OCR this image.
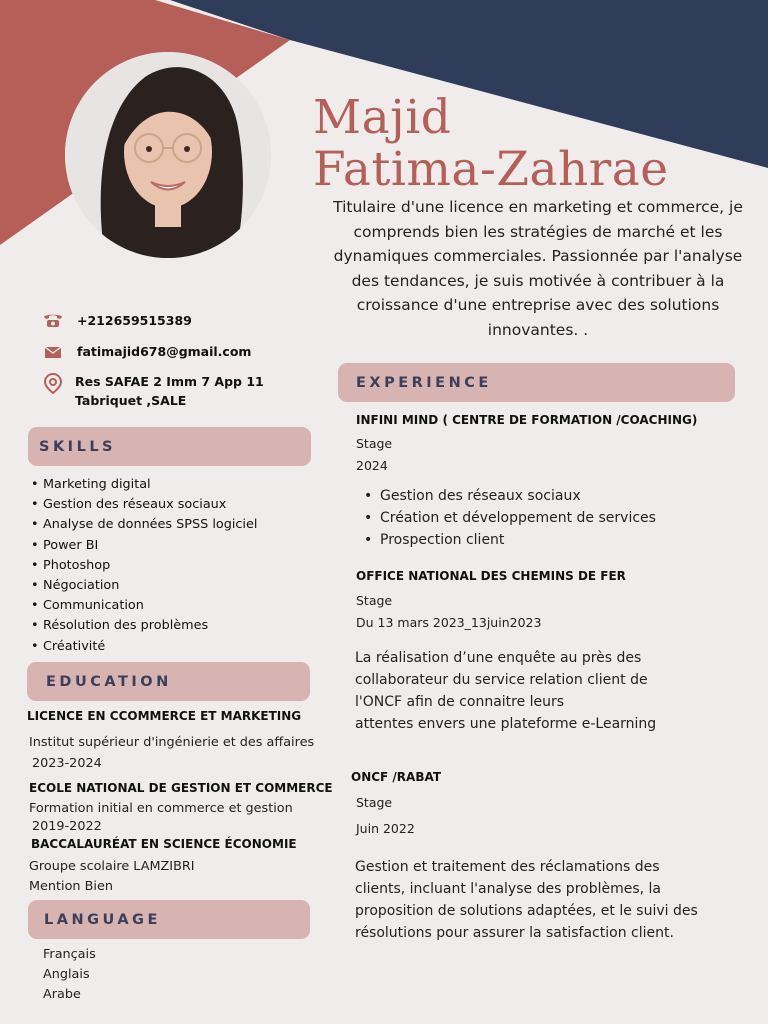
Majid
Fatima-Zahrae
Titulaire d'une licence en marketing et commerce, je comprends bien les stratégies de marché et les dynamiques commerciales. Passionnée par l'analyse des tendances, je suis motivée à contribuer à la croissance d'une entreprise avec des solutions innovantes. .
+212659515389
fatimajid678@gmail.com
Res SAFAE 2 Imm 7 App 11
Tabriquet ,SALE
SKILLS
• Marketing digital
• Gestion des réseaux sociaux
• Analyse de données SPSS logiciel
• Power BI
• Photoshop
• Négociation
• Communication
• Résolution des problèmes
• Créativité
EDUCATION
LICENCE EN CCOMMERCE ET MARKETING
Institut supérieur d'ingénierie et des affaires
2023-2024
ECOLE NATIONAL DE GESTION ET COMMERCE
Formation initial en commerce et gestion
2019-2022
BACCALAURÉAT EN SCIENCE ÉCONOMIE
Groupe scolaire LAMZIBRI
Mention Bien
LANGUAGE
Français
Anglais
Arabe
EXPERIENCE
INFINI MIND ( CENTRE DE FORMATION /COACHING)
Stage
2024
• Gestion des réseaux sociaux
• Création et développement de services
• Prospection client
OFFICE NATIONAL DES CHEMINS DE FER
Stage
Du 13 mars 2023_13juin2023
La réalisation d’une enquête au près des
collaborateur du service relation client de
l'ONCF afin de connaitre leurs
attentes envers une plateforme e-Learning
ONCF /RABAT
Stage
Juin 2022
Gestion et traitement des réclamations des
clients, incluant l'analyse des problèmes, la
proposition de solutions adaptées, et le suivi des
résolutions pour assurer la satisfaction client.
